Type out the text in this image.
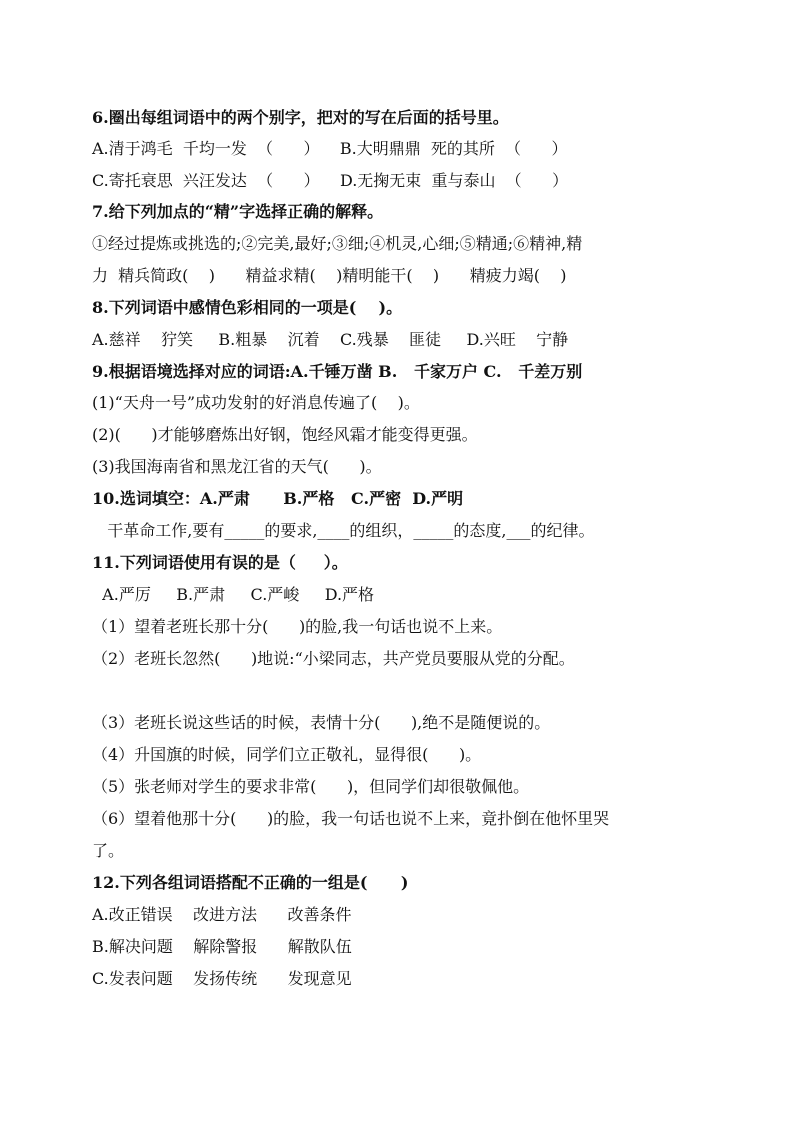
6.圈出每组词语中的两个别字，把对的写在后面的括号里。

A.清于鸿毛  千均一发  （      ）    B.大明鼎鼎  死的其所  （      ）

C.寄托衰思  兴汪发达  （      ）    D.无掬无束  重与泰山  （      ）

7.给下列加点的“精”字选择正确的解释。

①经过提炼或挑选的;②完美,最好;③细;④机灵,心细;⑤精通;⑥精神,精

力  精兵简政(    )      精益求精(    )精明能干(    )      精疲力竭(    )

8.下列词语中感情色彩相同的一项是(    )。

A.慈祥    狞笑     B.粗暴    沉着    C.残暴    匪徒     D.兴旺    宁静

9.根据语境选择对应的词语:A.千锤万凿 B.   千家万户 C.   千差万别

(1)“天舟一号”成功发射的好消息传遍了(    )。

(2)(      )才能够磨炼出好钢，饱经风霜才能变得更强。

(3)我国海南省和黑龙江省的天气(      )。

10.选词填空：A.严肃      B.严格   C.严密  D.严明

干革命工作,要有_____的要求,____的组织，_____的态度,___的纪律。

11.下列词语使用有误的是（     ）。

A.严厉     B.严肃     C.严峻     D.严格

（1）望着老班长那十分(      )的脸,我一句话也说不上来。

（2）老班长忽然(      )地说:“小梁同志，共产党员要服从党的分配。

（3）老班长说这些话的时候，表情十分(      ),绝不是随便说的。

（4）升国旗的时候，同学们立正敬礼，显得很(      )。

（5）张老师对学生的要求非常(      )，但同学们却很敬佩他。

（6）望着他那十分(      )的脸，我一句话也说不上来，竟扑倒在他怀里哭

了。

12.下列各组词语搭配不正确的一组是(      )

A.改正错误    改进方法      改善条件

B.解决问题    解除警报      解散队伍

C.发表问题    发扬传统      发现意见
